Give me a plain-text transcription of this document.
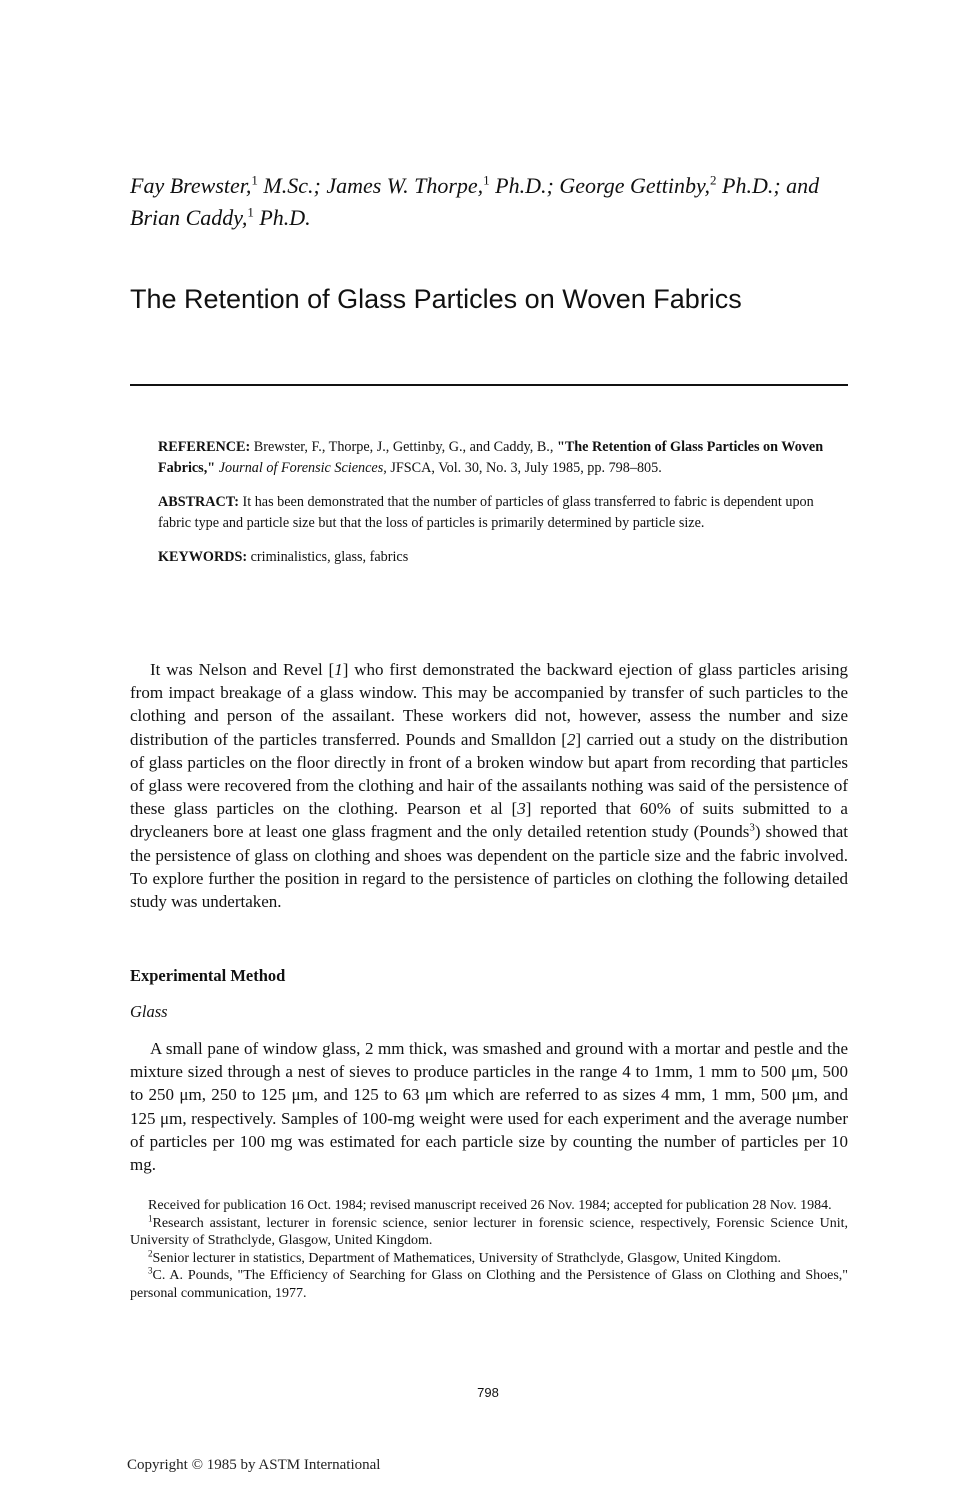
Fay Brewster,$^1$ M.Sc.; James W. Thorpe,$^1$ Ph.D.; George Gettinby,$^2$ Ph.D.; and Brian Caddy,$^1$ Ph.D.
The Retention of Glass Particles on Woven Fabrics

REFERENCE: Brewster, F., Thorpe, J., Gettinby, G., and Caddy, B., "The Retention of Glass Particles on Woven Fabrics," Journal of Forensic Sciences, JFSCA, Vol. 30, No. 3, July 1985, pp. 798–805.

ABSTRACT: It has been demonstrated that the number of particles of glass transferred to fabric is dependent upon fabric type and particle size but that the loss of particles is primarily determined by particle size.

KEYWORDS: criminalistics, glass, fabrics

It was Nelson and Revel [1] who first demonstrated the backward ejection of glass particles arising from impact breakage of a glass window. This may be accompanied by transfer of such particles to the clothing and person of the assailant. These workers did not, however, assess the number and size distribution of the particles transferred. Pounds and Smalldon [2] carried out a study on the distribution of glass particles on the floor directly in front of a broken window but apart from recording that particles of glass were recovered from the clothing and hair of the assailants nothing was said of the persistence of these glass particles on the clothing. Pearson et al [3] reported that 60% of suits submitted to a drycleaners bore at least one glass fragment and the only detailed retention study (Pounds$^3$) showed that the persistence of glass on clothing and shoes was dependent on the particle size and the fabric involved. To explore further the position in regard to the persistence of particles on clothing the following detailed study was undertaken.

Experimental Method
Glass

A small pane of window glass, 2 mm thick, was smashed and ground with a mortar and pestle and the mixture sized through a nest of sieves to produce particles in the range 4 to 1mm, 1 mm to 500 μm, 500 to 250 μm, 250 to 125 μm, and 125 to 63 μm which are referred to as sizes 4 mm, 1 mm, 500 μm, and 125 μm, respectively. Samples of 100-mg weight were used for each experiment and the average number of particles per 100 mg was estimated for each particle size by counting the number of particles per 10 mg.

Received for publication 16 Oct. 1984; revised manuscript received 26 Nov. 1984; accepted for publication 28 Nov. 1984.

$^1$Research assistant, lecturer in forensic science, senior lecturer in forensic science, respectively, Forensic Science Unit, University of Strathclyde, Glasgow, United Kingdom.

$^2$Senior lecturer in statistics, Department of Mathematices, University of Strathclyde, Glasgow, United Kingdom.

$^3$C. A. Pounds, "The Efficiency of Searching for Glass on Clothing and the Persistence of Glass on Clothing and Shoes," personal communication, 1977.

798
Copyright © 1985 by ASTM International
